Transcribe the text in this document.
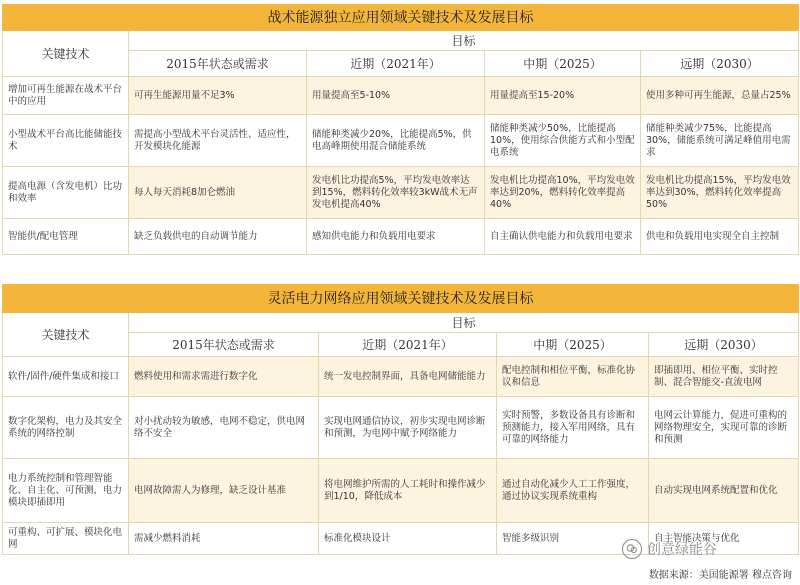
战术能源独立应用领域关键技术及发展目标				
关键技术	目标			
	2015年状态或需求	近期（2021年）	中期（2025）	远期（2030）
增加可再生能源在战术平台中的应用	可再生能源用量不足3%	用量提高至5-10%	用量提高至15-20%	使用多种可再生能源，总量占25%
小型战术平台高比能储能技术	需提高小型战术平台灵活性、适应性，开发模块化能源	储能种类减少20%，比能提高5%，供电高峰期使用混合储能系统	储能种类减少50%，比能提高10%，使用综合供能方式和小型配电系统	储能种类减少75%，比能提高30%，储能系统可满足峰值用电需求
提高电源（含发电机）比功和效率	每人每天消耗8加仑燃油	发电机比功提高5%，平均发电效率达到15%，燃料转化效率较3kW战术无声发电机提高40%	发电机比功提高10%，平均发电效率达到20%，燃料转化效率提高40%	发电机比功提高15%，平均发电效率达到30%，燃料转化效率提高50%
智能供/配电管理	缺乏负载供电的自动调节能力	感知供电能力和负载用电要求	自主确认供电能力和负载用电要求	供电和负载用电实现全自主控制
灵活电力网络应用领域关键技术及发展目标				
关键技术	目标			
	2015年状态或需求	近期（2021年）	中期（2025）	远期（2030）
软件/固件/硬件集成和接口	燃料使用和需求需进行数字化	统一发电控制界面，具备电网储能能力	配电控制和相位平衡，标准化协议和信息	即插即用、相位平衡、实时控制、混合智能交-直流电网
数字化架构，电力及其安全系统的网络控制	对小扰动较为敏感，电网不稳定，供电网络不安全	实现电网通信协议，初步实现电网诊断和预测，为电网中赋予网络能力	实时预警，多数设备具有诊断和预测能力，接入军用网络，具有可靠的网络能力	电网云计算能力，促进可重构的网络物理安全，实现可靠的诊断和预测
电力系统控制和管理智能化、自主化、可预测，电力模块即插即用	电网故障需人为修理，缺乏设计基准	将电网维护所需的人工耗时和操作减少到1/10，降低成本	通过自动化减少人工工作强度，通过协议实现系统重构	自动实现电网系统配置和优化
可重构、可扩展、模块化电网	需减少燃料消耗	标准化模块设计	智能多级识别	自主智能决策与优化
创意绿能谷
数据来源：美国能源署 穆点咨询
